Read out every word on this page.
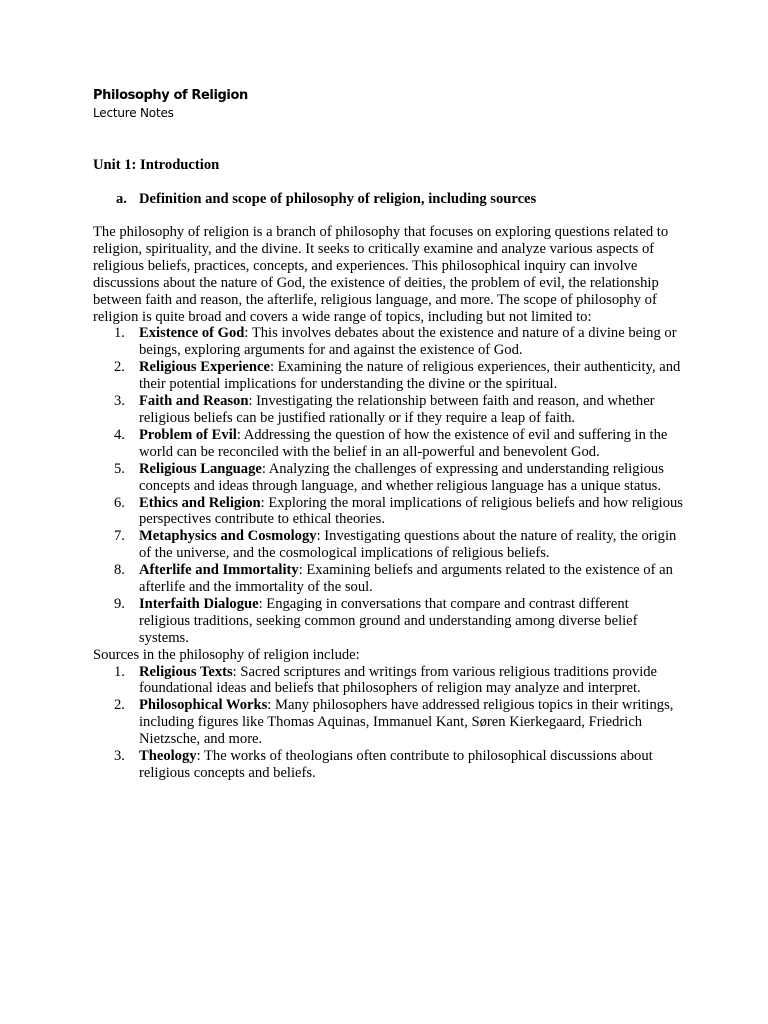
Philosophy of Religion

Lecture Notes

Unit 1: Introduction

a. Definition and scope of philosophy of religion, including sources

The philosophy of religion is a branch of philosophy that focuses on exploring questions related to religion, spirituality, and the divine. It seeks to critically examine and analyze various aspects of religious beliefs, practices, concepts, and experiences. This philosophical inquiry can involve discussions about the nature of God, the existence of deities, the problem of evil, the relationship between faith and reason, the afterlife, religious language, and more. The scope of philosophy of religion is quite broad and covers a wide range of topics, including but not limited to:

1. Existence of God: This involves debates about the existence and nature of a divine being or beings, exploring arguments for and against the existence of God.
2. Religious Experience: Examining the nature of religious experiences, their authenticity, and their potential implications for understanding the divine or the spiritual.
3. Faith and Reason: Investigating the relationship between faith and reason, and whether religious beliefs can be justified rationally or if they require a leap of faith.
4. Problem of Evil: Addressing the question of how the existence of evil and suffering in the world can be reconciled with the belief in an all-powerful and benevolent God.
5. Religious Language: Analyzing the challenges of expressing and understanding religious concepts and ideas through language, and whether religious language has a unique status.
6. Ethics and Religion: Exploring the moral implications of religious beliefs and how religious perspectives contribute to ethical theories.
7. Metaphysics and Cosmology: Investigating questions about the nature of reality, the origin of the universe, and the cosmological implications of religious beliefs.
8. Afterlife and Immortality: Examining beliefs and arguments related to the existence of an afterlife and the immortality of the soul.
9. Interfaith Dialogue: Engaging in conversations that compare and contrast different religious traditions, seeking common ground and understanding among diverse belief systems.

Sources in the philosophy of religion include:

1. Religious Texts: Sacred scriptures and writings from various religious traditions provide foundational ideas and beliefs that philosophers of religion may analyze and interpret.
2. Philosophical Works: Many philosophers have addressed religious topics in their writings, including figures like Thomas Aquinas, Immanuel Kant, Søren Kierkegaard, Friedrich Nietzsche, and more.
3. Theology: The works of theologians often contribute to philosophical discussions about religious concepts and beliefs.
